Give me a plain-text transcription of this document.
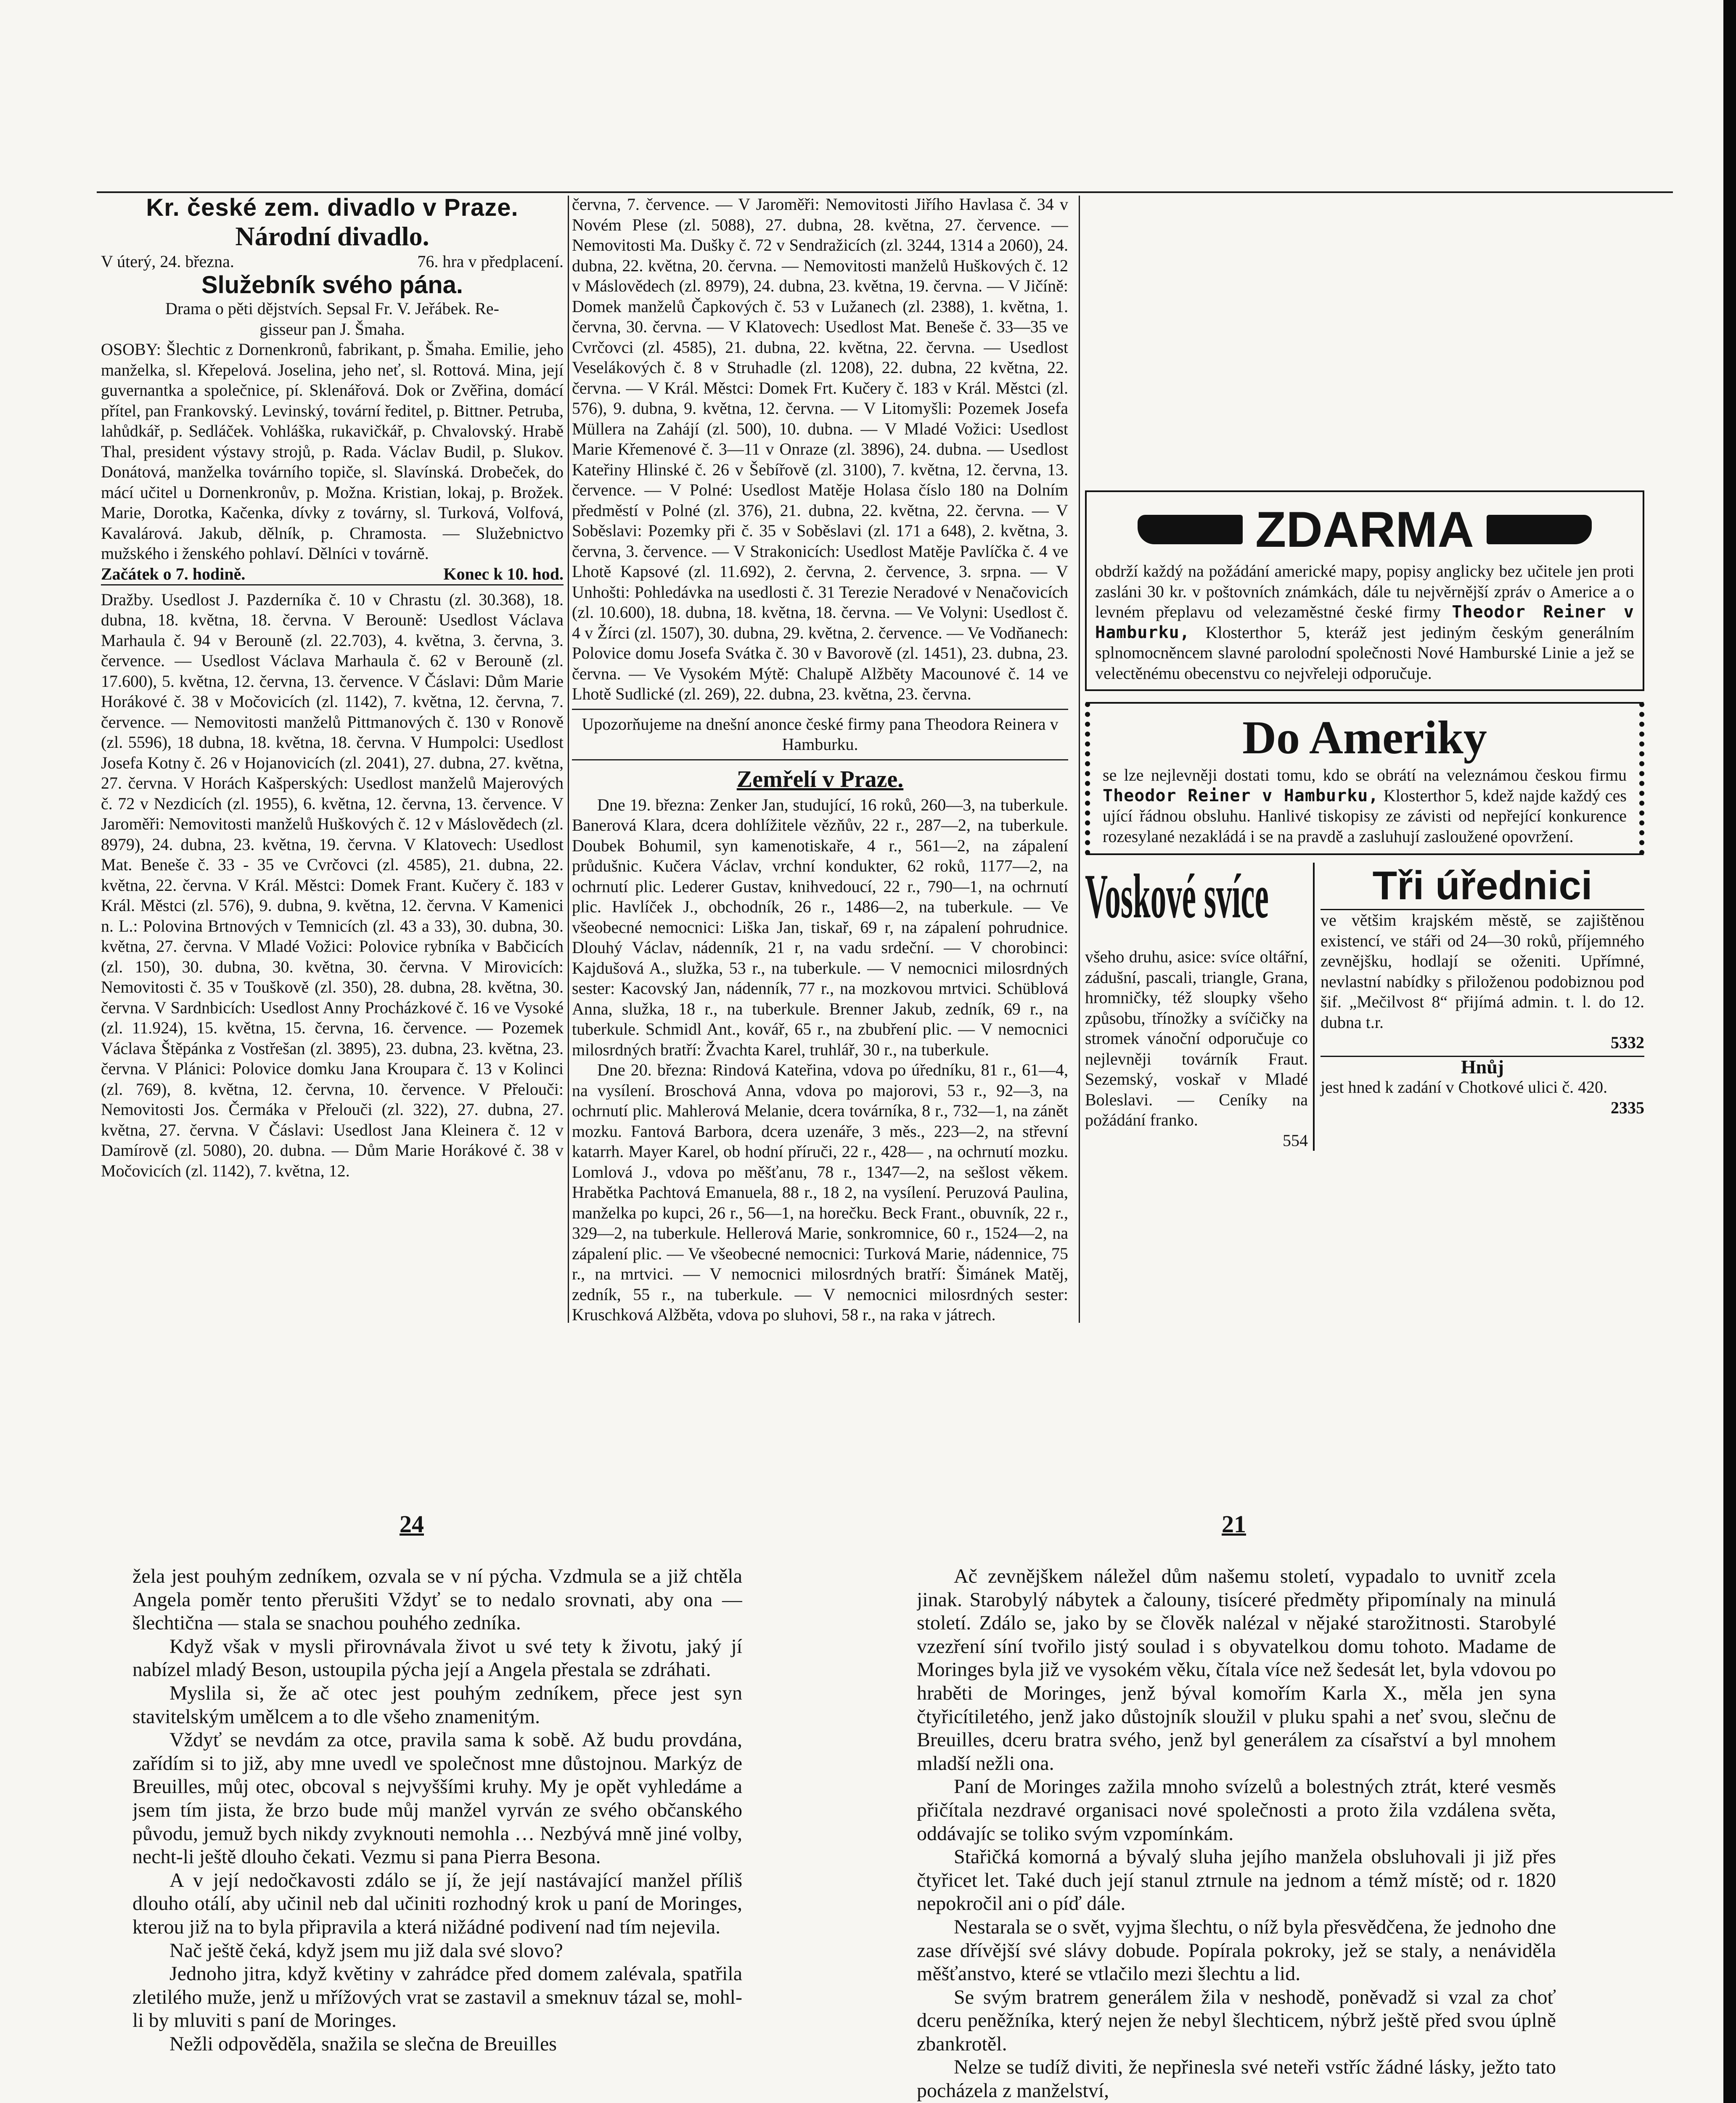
Kr. české zem. divadlo v Praze.
Národní divadlo.
V úterý, 24. března.	76. hra v předplacení.
Služebník svého pána.
Drama o pěti dějstvích. Sepsal Fr. V. Jeřábek. Re-
gisseur pan J. Šmaha.

OSOBY: Šlechtic z Dornenkronů, fabrikant, p. Šmaha. Emilie, jeho manželka, sl. Křepelová. Joselina, jeho neť, sl. Rottová. Mina, její guvernantka a společnice, pí. Sklenářová. Dok or Zvěřina, domácí přítel, pan Frankovský. Levinský, tovární ředitel, p. Bittner. Petruba, lahůdkář, p. Sedláček. Vohláška, rukavičkář, p. Chvalovský. Hrabě Thal, president výstavy strojů, p. Rada. Václav Budil, p. Slukov. Donátová, manželka továrního topiče, sl. Slavínská. Drobeček, do mácí učitel u Dornenkronův, p. Možna. Kristian, lokaj, p. Brožek. Marie, Dorotka, Kačenka, dívky z továrny, sl. Turková, Volfová, Kavalárová. Jakub, dělník, p. Chramosta. — Služebnictvo mužského i ženského pohlaví. Dělníci v továrně.

Začátek o 7. hodině.	Konec k 10. hod.

Dražby. Usedlost J. Pazderníka č. 10 v Chrastu (zl. 30.368), 18. dubna, 18. května, 18. června. V Berouně: Usedlost Václava Marhaula č. 94 v Berouně (zl. 22.703), 4. května, 3. června, 3. července. — Usedlost Václava Marhaula č. 62 v Berouně (zl. 17.600), 5. května, 12. června, 13. července. V Čáslavi: Dům Marie Horákové č. 38 v Močovicích (zl. 1142), 7. května, 12. června, 7. července. — Nemovitosti manželů Pittmanových č. 130 v Ronově (zl. 5596), 18 dubna, 18. května, 18. června. V Humpolci: Usedlost Josefa Kotny č. 26 v Hojanovicích (zl. 2041), 27. dubna, 27. května, 27. června. V Horách Kašperských: Usedlost manželů Majerových č. 72 v Nezdicích (zl. 1955), 6. května, 12. června, 13. července. V Jaroměři: Nemovitosti manželů Huškových č. 12 v Máslovědech (zl. 8979), 24. dubna, 23. května, 19. června. V Klatovech: Usedlost Mat. Beneše č. 33 - 35 ve Cvrčovci (zl. 4585), 21. dubna, 22. května, 22. června. V Král. Městci: Domek Frant. Kučery č. 183 v Král. Městci (zl. 576), 9. dubna, 9. května, 12. června. V Kamenici n. L.: Polovina Brtnových v Temnicích (zl. 43 a 33), 30. dubna, 30. května, 27. června. V Mladé Vožici: Polovice rybníka v Babčicích (zl. 150), 30. dubna, 30. května, 30. června. V Mirovicích: Nemovitosti č. 35 v Touškově (zl. 350), 28. dubna, 28. května, 30. června. V Sardnbicích: Usedlost Anny Procházkové č. 16 ve Vysoké (zl. 11.924), 15. května, 15. června, 16. července. — Pozemek Václava Štěpánka z Vostřešan (zl. 3895), 23. dubna, 23. května, 23. června. V Plánici: Polovice domku Jana Kroupara č. 13 v Kolinci (zl. 769), 8. května, 12. června, 10. července. V Přelouči: Nemovitosti Jos. Čermáka v Přelouči (zl. 322), 27. dubna, 27. května, 27. června. V Čáslavi: Usedlost Jana Kleinera č. 12 v Damírově (zl. 5080), 20. dubna. — Dům Marie Horákové č. 38 v Močovicích (zl. 1142), 7. května, 12.

června, 7. července. — V Jaroměři: Nemovitosti Jiřího Havlasa č. 34 v Novém Plese (zl. 5088), 27. dubna, 28. května, 27. července. — Nemovitosti Ma. Dušky č. 72 v Sendražicích (zl. 3244, 1314 a 2060), 24. dubna, 22. května, 20. června. — Nemovitosti manželů Huškových č. 12 v Máslovědech (zl. 8979), 24. dubna, 23. května, 19. června. — V Jičíně: Domek manželů Čapkových č. 53 v Lužanech (zl. 2388), 1. května, 1. června, 30. června. — V Klatovech: Usedlost Mat. Beneše č. 33—35 ve Cvrčovci (zl. 4585), 21. dubna, 22. května, 22. června. — Usedlost Veselákových č. 8 v Struhadle (zl. 1208), 22. dubna, 22 května, 22. června. — V Král. Městci: Domek Frt. Kučery č. 183 v Král. Městci (zl. 576), 9. dubna, 9. května, 12. června. — V Litomyšli: Pozemek Josefa Müllera na Zahájí (zl. 500), 10. dubna. — V Mladé Vožici: Usedlost Marie Křemenové č. 3—11 v Onraze (zl. 3896), 24. dubna. — Usedlost Kateřiny Hlinské č. 26 v Šebířově (zl. 3100), 7. května, 12. června, 13. července. — V Polné: Usedlost Matěje Holasa číslo 180 na Dolním předměstí v Polné (zl. 376), 21. dubna, 22. května, 22. června. — V Soběslavi: Pozemky při č. 35 v Soběslavi (zl. 171 a 648), 2. května, 3. června, 3. července. — V Strakonicích: Usedlost Matěje Pavlíčka č. 4 ve Lhotě Kapsové (zl. 11.692), 2. června, 2. července, 3. srpna. — V Unhošti: Pohledávka na usedlosti č. 31 Terezie Neradové v Nenačovicích (zl. 10.600), 18. dubna, 18. května, 18. června. — Ve Volyni: Usedlost č. 4 v Žírci (zl. 1507), 30. dubna, 29. května, 2. července. — Ve Vodňanech: Polovice domu Josefa Svátka č. 30 v Bavorově (zl. 1451), 23. dubna, 23. června. — Ve Vysokém Mýtě: Chalupě Alžběty Macounové č. 14 ve Lhotě Sudlické (zl. 269), 22. dubna, 23. května, 23. června.

Upozorňujeme na dnešní anonce české firmy pana Theodora Reinera v Hamburku.
Zemřelí v Praze.

Dne 19. března: Zenker Jan, studující, 16 roků, 260—3, na tuberkule. Banerová Klara, dcera dohlížitele vězňův, 22 r., 287—2, na tuberkule. Doubek Bohumil, syn kamenotiskaře, 4 r., 561—2, na zápalení průdušnic. Kučera Václav, vrchní kondukter, 62 roků, 1177—2, na ochrnutí plic. Lederer Gustav, knihvedoucí, 22 r., 790—1, na ochrnutí plic. Havlíček J., obchodník, 26 r., 1486—2, na tuberkule. — Ve všeobecné nemocnici: Liška Jan, tiskař, 69 r, na zápalení pohrudnice. Dlouhý Václav, nádenník, 21 r, na vadu srdeční. — V chorobinci: Kajdušová A., služka, 53 r., na tuberkule. — V nemocnici milosrdných sester: Kacovský Jan, nádenník, 77 r., na mozkovou mrtvici. Schüblová Anna, služka, 18 r., na tuberkule. Brenner Jakub, zedník, 69 r., na tuberkule. Schmidl Ant., kovář, 65 r., na zbubření plic. — V nemocnici milosrdných bratří: Žvachta Karel, truhlář, 30 r., na tuberkule.

Dne 20. března: Rindová Kateřina, vdova po úředníku, 81 r., 61—4, na vysílení. Broschová Anna, vdova po majorovi, 53 r., 92—3, na ochrnutí plic. Mahlerová Melanie, dcera továrníka, 8 r., 732—1, na zánět mozku. Fantová Barbora, dcera uzenáře, 3 měs., 223—2, na střevní katarrh. Mayer Karel, ob hodní příruči, 22 r., 428— , na ochrnutí mozku. Lomlová J., vdova po měšťanu, 78 r., 1347—2, na sešlost věkem. Hrabětka Pachtová Emanuela, 88 r., 18 2, na vysílení. Peruzová Paulina, manželka po kupci, 26 r., 56—1, na horečku. Beck Frant., obuvník, 22 r., 329—2, na tuberkule. Hellerová Marie, sonkromnice, 60 r., 1524—2, na zápalení plic. — Ve všeobecné nemocnici: Turková Marie, nádennice, 75 r., na mrtvici. — V nemocnici milosrdných bratří: Šimánek Matěj, zedník, 55 r., na tuberkule. — V nemocnici milosrdných sester: Kruschková Alžběta, vdova po sluhovi, 58 r., na raka v játrech.

ZDARMA

obdrží každý na požádání americké mapy, popisy anglicky bez učitele jen proti zasláni 30 kr. v poštovních známkách, dále tu nejvěrnější zpráv o Americe a o levném přeplavu od velezaměstné české firmy Theodor Reiner v Hamburku, Klosterthor 5, kteráž jest jediným českým generálním splnomocněncem slavné parolodní společnosti Nové Hamburské Linie a jež se velectěnému obecenstvu co nejvřeleji odporučuje.

Do Ameriky

se lze nejlevněji dostati tomu, kdo se obrátí na veleznámou českou firmu Theodor Reiner v Hamburku, Klosterthor 5, kdež najde každý ces ující řádnou obsluhu. Hanlivé tiskopisy ze závisti od nepřející konkurence rozesylané nezakládá i se na pravdě a zasluhují zasloužené opovržení.

Voskové svíce

všeho druhu, asice: svíce oltářní, zádušní, pascali, triangle, Grana, hromničky, též sloupky všeho způsobu, třínožky a svíčičky na stromek vánoční odporučuje co nejlevněji továrník Fraut. Sezemský, voskař v Mladé Boleslavi. — Ceníky na požádání franko.

554
Tři úřednici

ve většim krajském městě, se zajištěnou existencí, ve stáři od 24—30 roků, příjemného zevnějšku, hodlají se oženiti. Upřímné, nevlastní nabídky s přiloženou podobiznou pod šif. „Mečilvost 8“ přijímá admin. t. l. do 12. dubna t.r.

5332
Hnůj

jest hned k zadání v Chotkové ulici č. 420.

2335
24	21

žela jest pouhým zedníkem, ozvala se v ní pýcha. Vzdmula se a již chtěla Angela poměr tento přerušiti Vždyť se to nedalo srovnati, aby ona — šlechtična — stala se snachou pouhého zedníka.

Když však v mysli přirovnávala život u své tety k životu, jaký jí nabízel mladý Beson, ustoupila pýcha její a Angela přestala se zdráhati.

Myslila si, že ač otec jest pouhým zedníkem, přece jest syn stavitelským umělcem a to dle všeho znamenitým.

Vždyť se nevdám za otce, pravila sama k sobě. Až budu provdána, zařídím si to již, aby mne uvedl ve společnost mne důstojnou. Markýz de Breuilles, můj otec, obcoval s nejvyššími kruhy. My je opět vyhledáme a jsem tím jista, že brzo bude můj manžel vyrván ze svého občanského původu, jemuž bych nikdy zvyknouti nemohla … Nezbývá mně jiné volby, necht-li ještě dlouho čekati. Vezmu si pana Pierra Besona.

A v její nedočkavosti zdálo se jí, že její nastávající manžel příliš dlouho otálí, aby učinil neb dal učiniti rozhodný krok u paní de Moringes, kterou již na to byla připravila a která nižádné podivení nad tím nejevila.

Nač ještě čeká, když jsem mu již dala své slovo?

Jednoho jitra, když květiny v zahrádce před domem zalévala, spatřila zletilého muže, jenž u mřížových vrat se zastavil a smeknuv tázal se, mohl-li by mluviti s paní de Moringes.

Nežli odpověděla, snažila se slečna de Breuilles

Ač zevnějškem náležel dům našemu století, vypadalo to uvnitř zcela jinak. Starobylý nábytek a čalouny, tisíceré předměty připomínaly na minulá století. Zdálo se, jako by se člověk nalézal v nějaké starožitnosti. Starobylé vzezření síní tvořilo jistý soulad i s obyvatelkou domu tohoto. Madame de Moringes byla již ve vysokém věku, čítala více než šedesát let, byla vdovou po hraběti de Moringes, jenž býval komořím Karla X., měla jen syna čtyřicítiletého, jenž jako důstojník sloužil v pluku spahi a neť svou, slečnu de Breuilles, dceru bratra svého, jenž byl generálem za císařství a byl mnohem mladší nežli ona.

Paní de Moringes zažila mnoho svízelů a bolestných ztrát, které vesměs přičítala nezdravé organisaci nové společnosti a proto žila vzdálena světa, oddávajíc se toliko svým vzpomínkám.

Stařičká komorná a bývalý sluha jejího manžela obsluhovali ji již přes čtyřicet let. Také duch její stanul ztrnule na jednom a témž místě; od r. 1820 nepokročil ani o píď dále.

Nestarala se o svět, vyjma šlechtu, o níž byla přesvědčena, že jednoho dne zase dřívější své slávy dobude. Popírala pokroky, jež se staly, a nenáviděla měšťanstvo, které se vtlačilo mezi šlechtu a lid.

Se svým bratrem generálem žila v neshodě, poněvadž si vzal za choť dceru peněžníka, který nejen že nebyl šlechticem, nýbrž ještě před svou úplně zbankrotěl.

Nelze se tudíž diviti, že nepřinesla své neteři vstříc žádné lásky, ježto tato pocházela z manželství,
